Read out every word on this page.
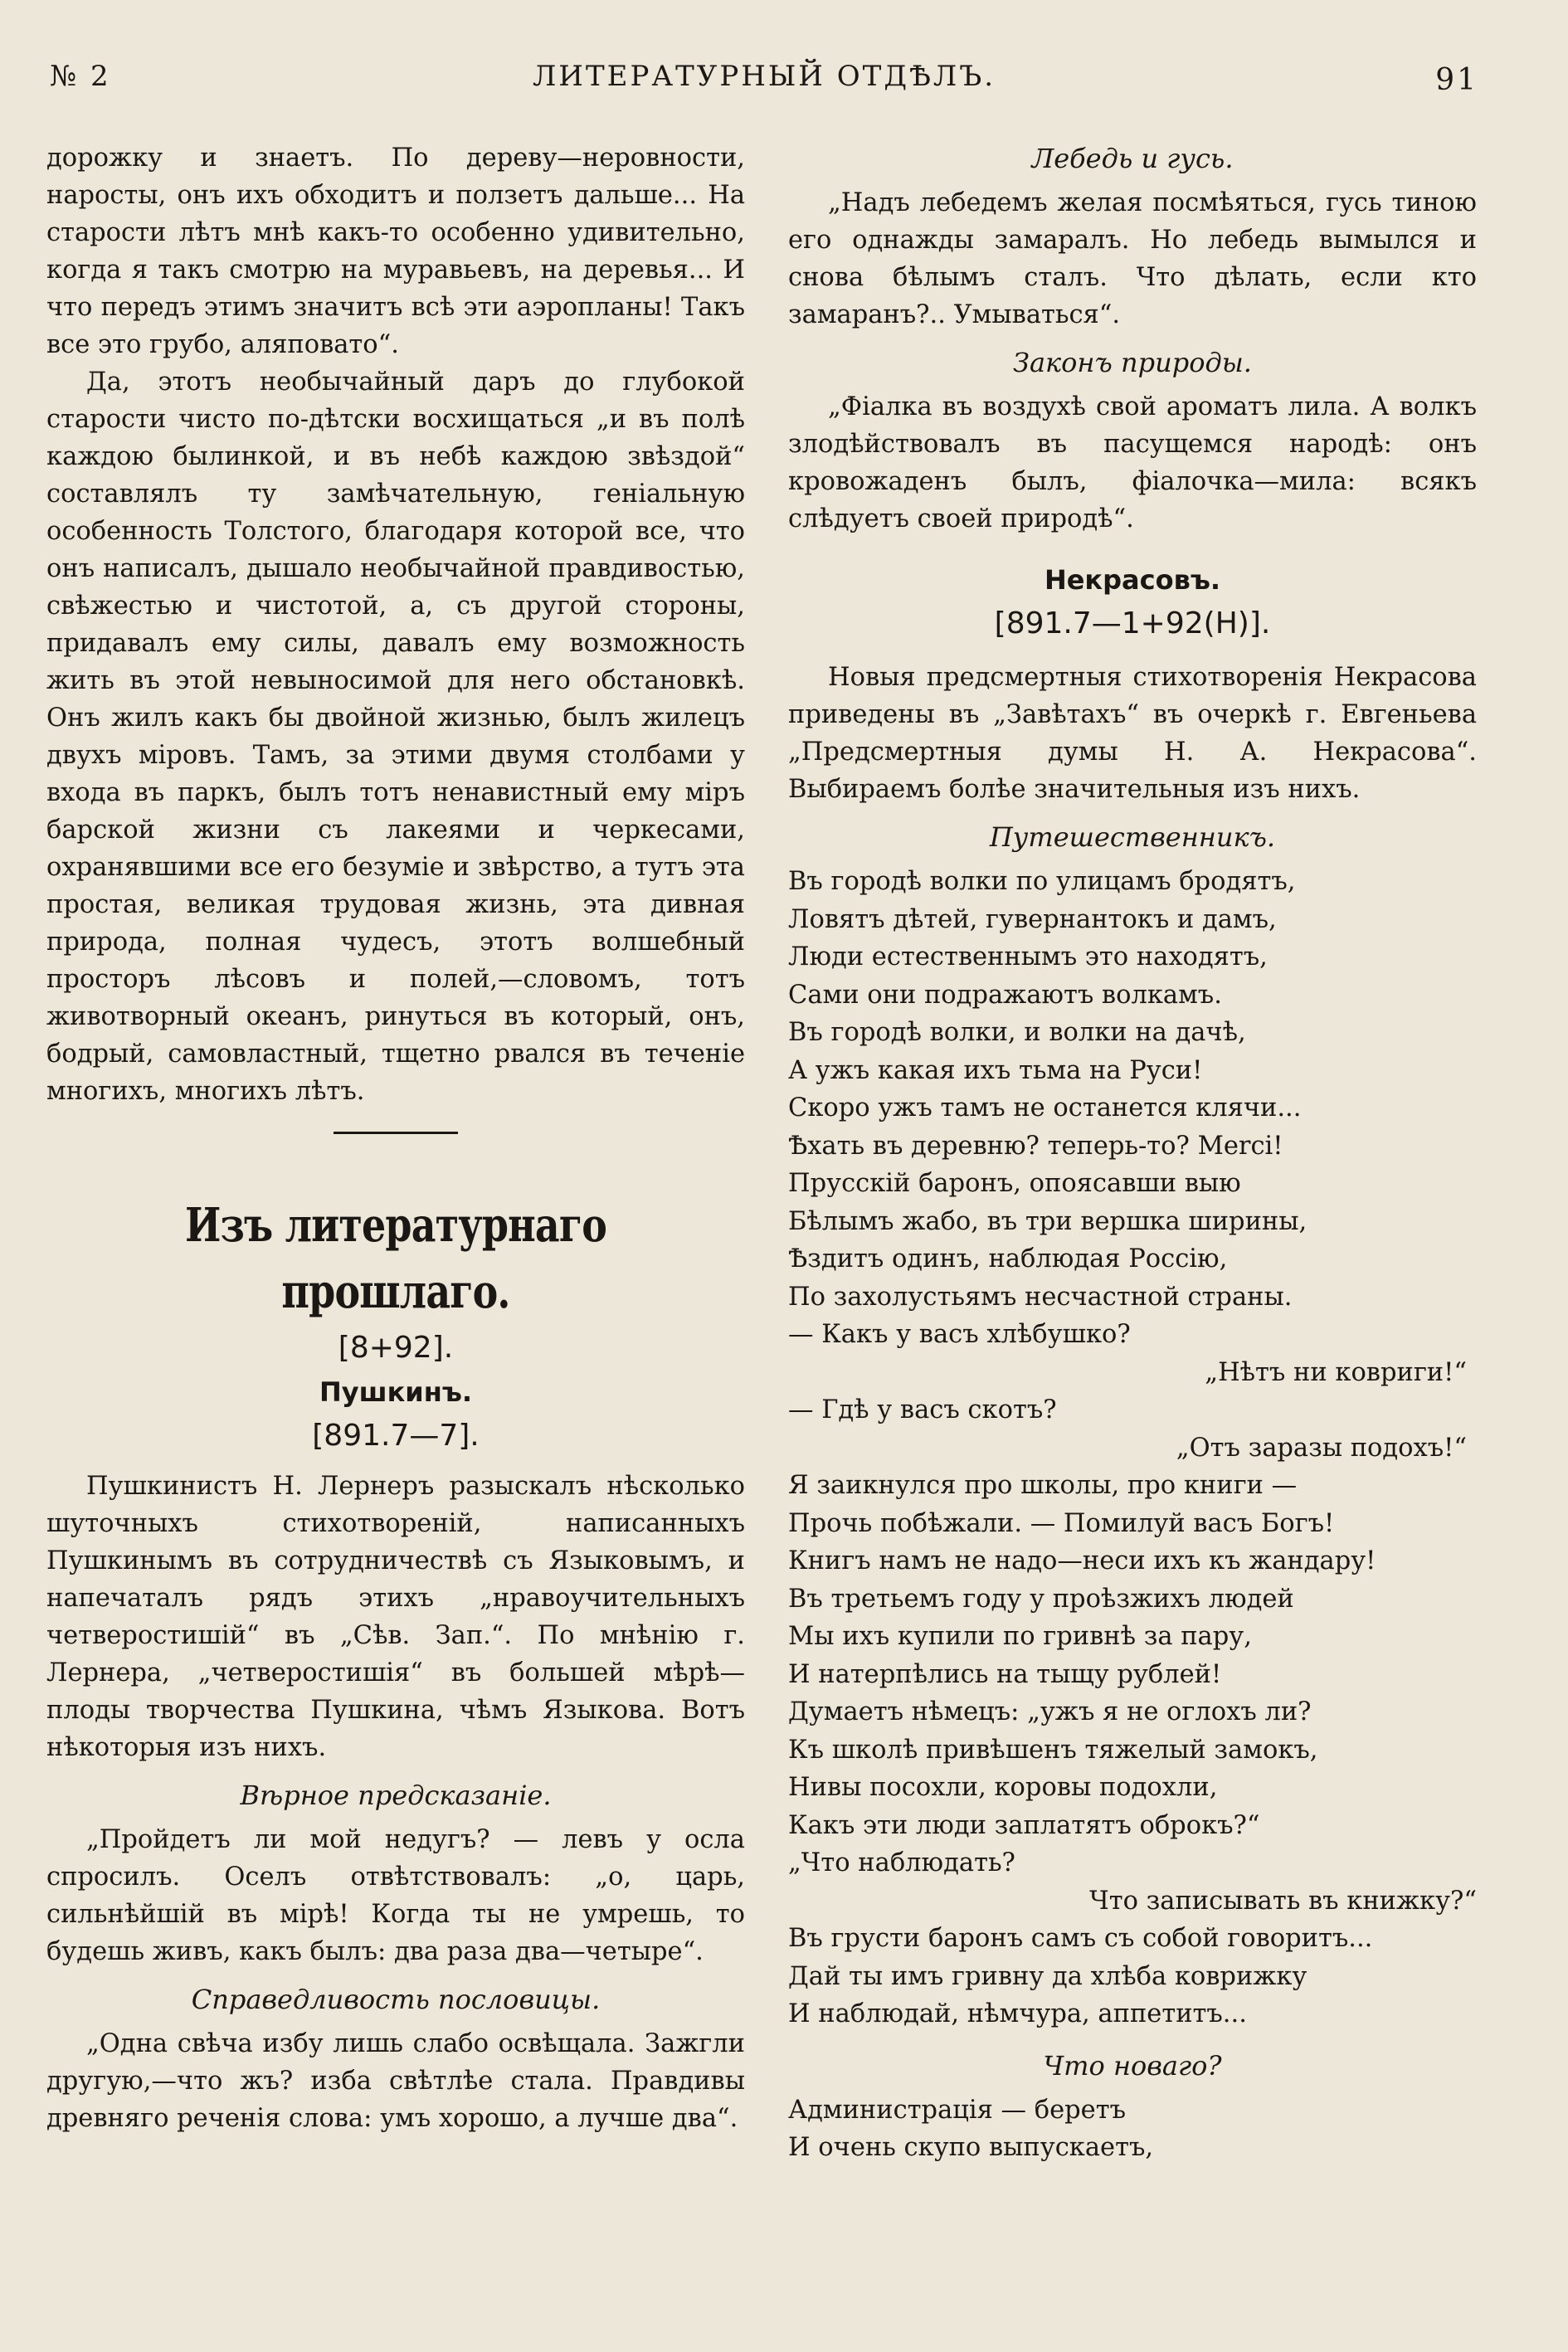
№ 2	ЛИТЕРАТУРНЫЙ ОТДѢЛЪ.	91

дорожку и знаетъ. По дереву—неровности, наросты, онъ ихъ обходитъ и ползетъ дальше... На старости лѣтъ мнѣ какъ-то особенно удивительно, когда я такъ смотрю на муравьевъ, на деревья... И что передъ этимъ значитъ всѣ эти аэропланы! Такъ все это грубо, аляповато“.

Да, этотъ необычайный даръ до глубокой старости чисто по-дѣтски восхищаться „и въ полѣ каждою былинкой, и въ небѣ каждою звѣздой“ составлялъ ту замѣчательную, геніальную особенность Толстого, благодаря которой все, что онъ написалъ, дышало необычайной правдивостью, свѣжестью и чистотой, а, съ другой стороны, придавалъ ему силы, давалъ ему возможность жить въ этой невыносимой для него обстановкѣ. Онъ жилъ какъ бы двойной жизнью, былъ жилецъ двухъ міровъ. Тамъ, за этими двумя столбами у входа въ паркъ, былъ тотъ ненавистный ему міръ барской жизни съ лакеями и черкесами, охранявшими все его безуміе и звѣрство, а тутъ эта простая, великая трудовая жизнь, эта дивная природа, полная чудесъ, этотъ волшебный просторъ лѣсовъ и полей,—словомъ, тотъ животворный океанъ, ринуться въ который, онъ, бодрый, самовластный, тщетно рвался въ теченіе многихъ, многихъ лѣтъ.

Изъ литературнаго прошлаго.

[8+92].

Пушкинъ.

[891.7—7].

Пушкинистъ Н. Лернеръ разыскалъ нѣсколько шуточныхъ стихотвореній, написанныхъ Пушкинымъ въ сотрудничествѣ съ Языковымъ, и напечаталъ рядъ этихъ „нравоучительныхъ четверостишій“ въ „Сѣв. Зап.“. По мнѣнію г. Лернера, „четверостишія“ въ большей мѣрѣ—плоды творчества Пушкина, чѣмъ Языкова. Вотъ нѣкоторыя изъ нихъ.

Вѣрное предсказаніе.

„Пройдетъ ли мой недугъ? — левъ у осла спросилъ. Оселъ отвѣтствовалъ: „о, царь, сильнѣйшій въ мірѣ! Когда ты не умрешь, то будешь живъ, какъ былъ: два раза два—четыре“.

Справедливость пословицы.

„Одна свѣча избу лишь слабо освѣщала. Зажгли другую,—что жъ? изба свѣтлѣе стала. Правдивы древняго реченія слова: умъ хорошо, а лучше два“.

Лебедь и гусь.

„Надъ лебедемъ желая посмѣяться, гусь тиною его однажды замаралъ. Но лебедь вымылся и снова бѣлымъ сталъ. Что дѣлать, если кто замаранъ?.. Умываться“.

Законъ природы.

„Фіалка въ воздухѣ свой ароматъ лила. А волкъ злодѣйствовалъ въ пасущемся народѣ: онъ кровожаденъ былъ, фіалочка—мила: всякъ слѣдуетъ своей природѣ“.

Некрасовъ.

[891.7—1+92(Н)].

Новыя предсмертныя стихотворенія Некрасова приведены въ „Завѣтахъ“ въ очеркѣ г. Евгеньева „Предсмертныя думы Н. А. Некрасова“. Выбираемъ болѣе значительныя изъ нихъ.

Путешественникъ.

Въ городѣ волки по улицамъ бродятъ,
Ловятъ дѣтей, гувернантокъ и дамъ,
Люди естественнымъ это находятъ,
Сами они подражаютъ волкамъ.
Въ городѣ волки, и волки на дачѣ,
А ужъ какая ихъ тьма на Руси!
Скоро ужъ тамъ не останется клячи...
Ѣхать въ деревню? теперь-то? Mercі!
Прусскій баронъ, опоясавши выю
Бѣлымъ жабо, въ три вершка ширины,
Ѣздитъ одинъ, наблюдая Россію,
По захолустьямъ несчастной страны.
— Какъ у васъ хлѣбушко?
„Нѣтъ ни ковриги!“
— Гдѣ у васъ скотъ?
„Отъ заразы подохъ!“
Я заикнулся про школы, про книги —
Прочь побѣжали. — Помилуй васъ Богъ!
Книгъ намъ не надо—неси ихъ къ жандару!
Въ третьемъ году у проѣзжихъ людей
Мы ихъ купили по гривнѣ за пару,
И натерпѣлись на тыщу рублей!
Думаетъ нѣмецъ: „ужъ я не оглохъ ли?
Къ школѣ привѣшенъ тяжелый замокъ,
Нивы посохли, коровы подохли,
Какъ эти люди заплатятъ оброкъ?“
„Что наблюдать?
Что записывать въ книжку?“
Въ грусти баронъ самъ съ собой говоритъ...
Дай ты имъ гривну да хлѣба коврижку
И наблюдай, нѣмчура, аппетитъ...

Что новаго?

Администрація — беретъ
И очень скупо выпускаетъ,
